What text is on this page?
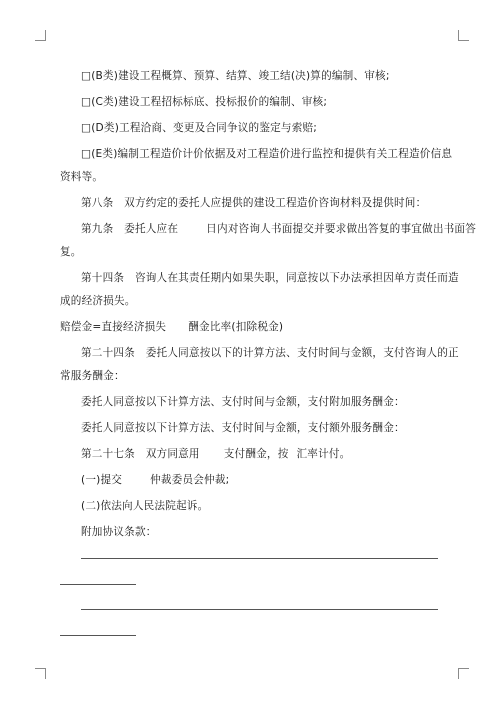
□(B类)建设工程概算、预算、结算、竣工结(决)算的编制、审核;
□(C类)建设工程招标标底、投标报价的编制、审核;
□(D类)工程洽商、变更及合同争议的鉴定与索赔;
□(E类)编制工程造价计价依据及对工程造价进行监控和提供有关工程造价信息
资料等。
第八条　双方约定的委托人应提供的建设工程造价咨询材料及提供时间：
第九条　委托人应在	日内对咨询人书面提交并要求做出答复的事宜做出书面答
复。
第十四条　咨询人在其责任期内如果失职，同意按以下办法承担因单方责任而造
成的经济损失。
赔偿金=直接经济损失 酬金比率(扣除税金)
第二十四条　委托人同意按以下的计算方法、支付时间与金额，支付咨询人的正
常服务酬金：
委托人同意按以下计算方法、支付时间与金额，支付附加服务酬金：
委托人同意按以下计算方法、支付时间与金额，支付额外服务酬金：
第二十七条　双方同意用 支付酬金，按 汇率计付。
(一)提交	仲裁委员会仲裁;
(二)依法向人民法院起诉。
附加协议条款：
